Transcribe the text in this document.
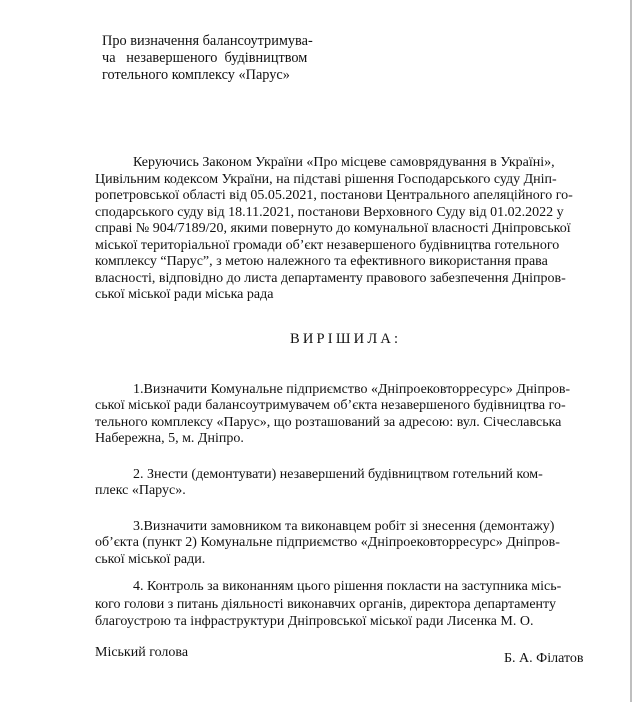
Про визначення балансоутримува-
ча   незавершеного  будівництвом
готельного комплексу «Парус»
Керуючись Законом України «Про місцеве самоврядування в Україні»,
Цивільним кодексом України, на підставі рішення Господарського суду Дніп-
ропетровської області від 05.05.2021, постанови Центрального апеляційного го-
сподарського суду від 18.11.2021, постанови Верховного Суду від 01.02.2022 у
справі № 904/7189/20, якими повернуто до комунальної власності Дніпровської
міської територіальної громади об’єкт незавершеного будівництва готельного
комплексу “Парус”, з метою належного та ефективного використання права
власності, відповідно до листа департаменту правового забезпечення Дніпров-
ської міської ради міська рада
ВИРІШИЛА:
1.Визначити Комунальне підприємство «Дніпроековторресурс» Дніпров-
ської міської ради балансоутримувачем об’єкта незавершеного будівництва го-
тельного комплексу «Парус», що розташований за адресою: вул. Січеславська
Набережна, 5, м. Дніпро.
2. Знести (демонтувати) незавершений будівництвом готельний ком-
плекс «Парус».
3.Визначити замовником та виконавцем робіт зі знесення (демонтажу)
об’єкта (пункт 2) Комунальне підприємство «Дніпроековторресурс» Дніпров-
ської міської ради.
4. Контроль за виконанням цього рішення покласти на заступника місь-
кого голови з питань діяльності виконавчих органів, директора департаменту
благоустрою та інфраструктури Дніпровської міської ради Лисенка М. О.
Міський голова	Б. А. Філатов
